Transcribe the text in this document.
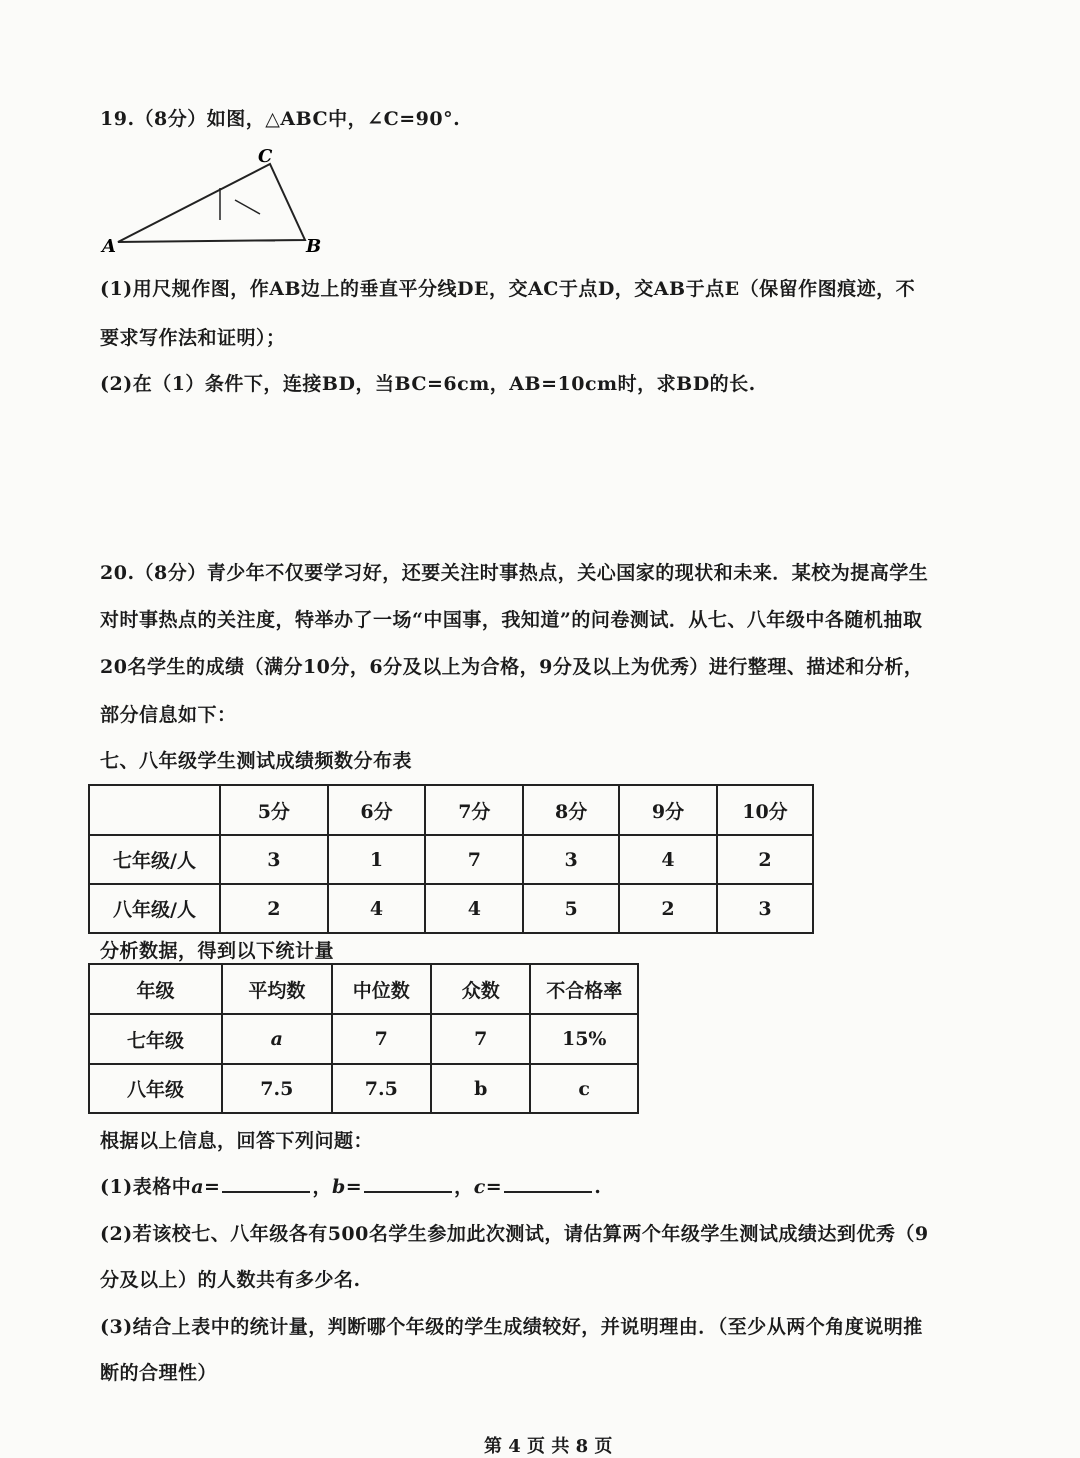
19.（8分）如图，△ABC中，∠C=90°.
A	B
C
(1)用尺规作图，作AB边上的垂直平分线DE，交AC于点D，交AB于点E（保留作图痕迹，不
要求写作法和证明）；
(2)在（1）条件下，连接BD，当BC=6cm，AB=10cm时，求BD的长.
20.（8分）青少年不仅要学习好，还要关注时事热点，关心国家的现状和未来．某校为提高学生
对时事热点的关注度，特举办了一场“中国事，我知道”的问卷测试．从七、八年级中各随机抽取
20名学生的成绩（满分10分，6分及以上为合格，9分及以上为优秀）进行整理、描述和分析，
部分信息如下：
七、八年级学生测试成绩频数分布表
	5分	6分	7分	8分	9分	10分
七年级/人	3	1	7	3	4	2
八年级/人	2	4	4	5	2	3
分析数据，得到以下统计量
年级	平均数	中位数	众数	不合格率
七年级	a	7	7	15%
八年级	7.5	7.5	b	c
根据以上信息，回答下列问题：
(1)表格中a=	，b=	，c=	.
(2)若该校七、八年级各有500名学生参加此次测试，请估算两个年级学生测试成绩达到优秀（9
分及以上）的人数共有多少名.
(3)结合上表中的统计量，判断哪个年级的学生成绩较好，并说明理由．（至少从两个角度说明推
断的合理性）
第 4 页 共 8 页
